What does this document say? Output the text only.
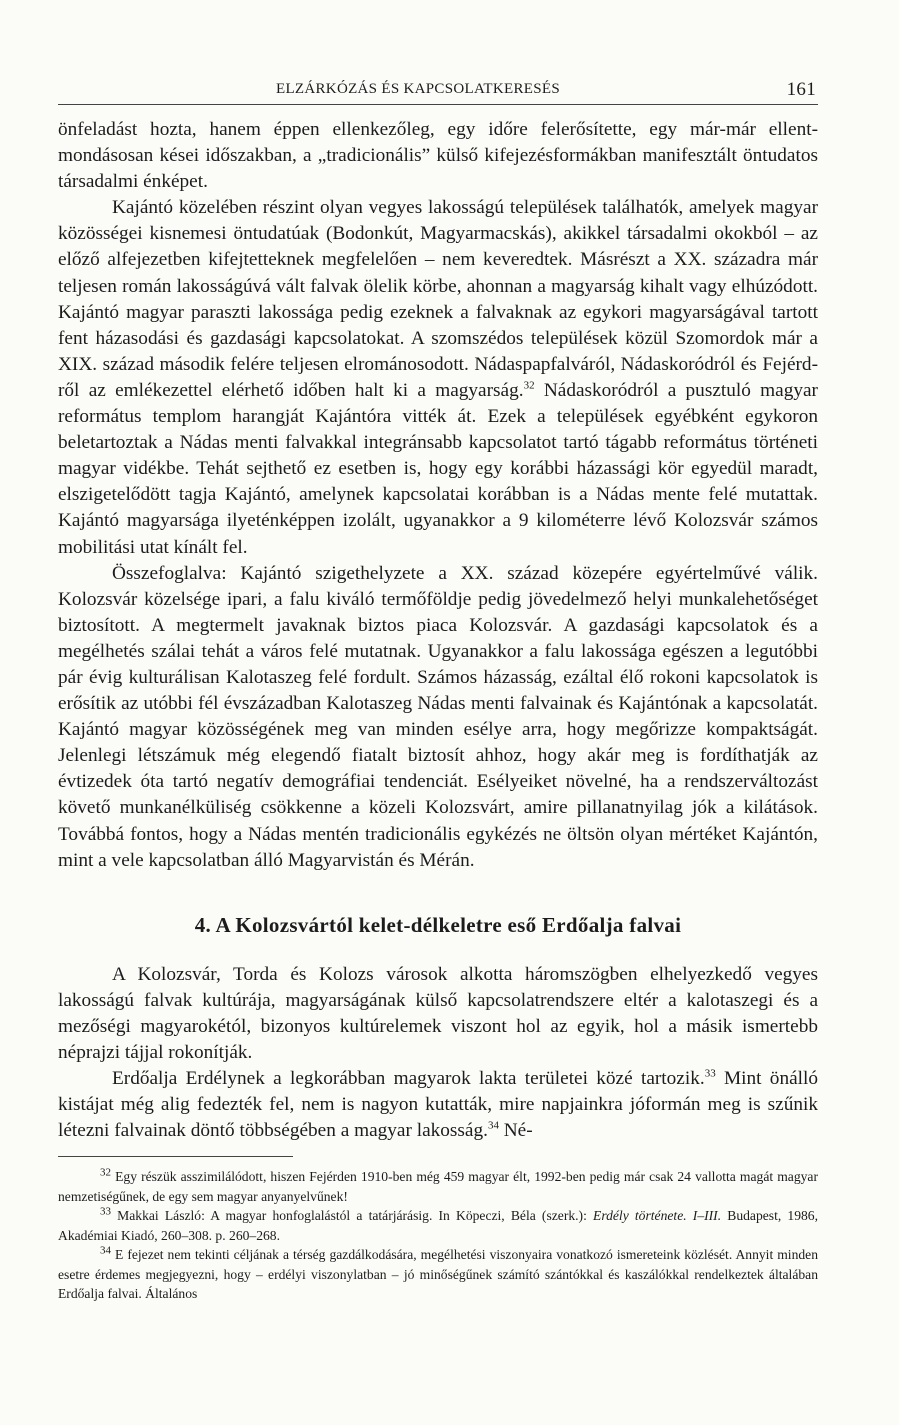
ELZÁRKÓZÁS ÉS KAPCSOLATKERESÉS	161

önfeladást hozta, hanem éppen ellenkezőleg, egy időre felerősítette, egy már-már ellentmondásosan kései időszakban, a „tradicionális” külső kifejezésformákban manifesztált öntudatos társadalmi énképet.

Kajántó közelében részint olyan vegyes lakosságú települések találhatók, amelyek magyar közösségei kisnemesi öntudatúak (Bodonkút, Magyarmacskás), akikkel társadalmi okokból – az előző alfejezetben kifejtetteknek megfelelően – nem keveredtek. Másrészt a XX. századra már teljesen román lakosságúvá vált falvak ölelik körbe, ahonnan a magyarság kihalt vagy elhúzódott. Kajántó magyar paraszti lakossága pedig ezeknek a falvaknak az egykori magyarságával tartott fent házasodási és gazdasági kapcsolatokat. A szomszédos települések közül Szomordok már a XIX. század második felére teljesen elrománosodott. Nádaspapfalváról, Nádaskoródról és Fejérdről az emlékezettel elérhető időben halt ki a magyarság.$^{32}$ Nádaskoródról a pusztuló magyar református templom harangját Kajántóra vitték át. Ezek a települések egyébként egykoron beletartoztak a Nádas menti falvakkal integránsabb kapcsolatot tartó tágabb református történeti magyar vidékbe. Tehát sejthető ez esetben is, hogy egy korábbi házassági kör egyedül maradt, elszigetelődött tagja Kajántó, amelynek kapcsolatai korábban is a Nádas mente felé mutattak. Kajántó magyarsága ilyeténképpen izolált, ugyanakkor a 9 kilométerre lévő Kolozsvár számos mobilitási utat kínált fel.

Összefoglalva: Kajántó szigethelyzete a XX. század közepére egyértelművé válik. Kolozsvár közelsége ipari, a falu kiváló termőföldje pedig jövedelmező helyi munkalehetőséget biztosított. A megtermelt javaknak biztos piaca Kolozsvár. A gazdasági kapcsolatok és a megélhetés szálai tehát a város felé mutatnak. Ugyanakkor a falu lakossága egészen a legutóbbi pár évig kulturálisan Kalotaszeg felé fordult. Számos házasság, ezáltal élő rokoni kapcsolatok is erősítik az utóbbi fél évszázadban Kalotaszeg Nádas menti falvainak és Kajántónak a kapcsolatát. Kajántó magyar közösségének meg van minden esélye arra, hogy megőrizze kompaktságát. Jelenlegi létszámuk még elegendő fiatalt biztosít ahhoz, hogy akár meg is fordíthatják az évtizedek óta tartó negatív demográfiai tendenciát. Esélyeiket növelné, ha a rendszerváltozást követő munkanélküliség csökkenne a közeli Kolozsvárt, amire pillanatnyilag jók a kilátások. Továbbá fontos, hogy a Nádas mentén tradicionális egykézés ne öltsön olyan mértéket Kajántón, mint a vele kapcsolatban álló Magyarvistán és Mérán.

4. A Kolozsvártól kelet-délkeletre eső Erdőalja falvai

A Kolozsvár, Torda és Kolozs városok alkotta háromszögben elhelyezkedő vegyes lakosságú falvak kultúrája, magyarságának külső kapcsolatrendszere eltér a kalotaszegi és a mezőségi magyarokétól, bizonyos kultúrelemek viszont hol az egyik, hol a másik ismertebb néprajzi tájjal rokonítják.

Erdőalja Erdélynek a legkorábban magyarok lakta területei közé tartozik.$^{33}$ Mint önálló kistájat még alig fedezték fel, nem is nagyon kutatták, mire napjainkra jóformán meg is szűnik létezni falvainak döntő többségében a magyar lakosság.$^{34}$ Né-

$^{32}$ Egy részük asszimilálódott, hiszen Fejérden 1910-ben még 459 magyar élt, 1992-ben pedig már csak 24 vallotta magát magyar nemzetiségűnek, de egy sem magyar anyanyelvűnek!

$^{33}$ Makkai László: A magyar honfoglalástól a tatárjárásig. In Köpeczi, Béla (szerk.): Erdély története. I–III. Budapest, 1986, Akadémiai Kiadó, 260–308. p. 260–268.

$^{34}$ E fejezet nem tekinti céljának a térség gazdálkodására, megélhetési viszonyaira vonatkozó ismereteink közlését. Annyit minden esetre érdemes megjegyezni, hogy – erdélyi viszonylatban – jó minőségűnek számító szántókkal és kaszálókkal rendelkeztek általában Erdőalja falvai. Általános
